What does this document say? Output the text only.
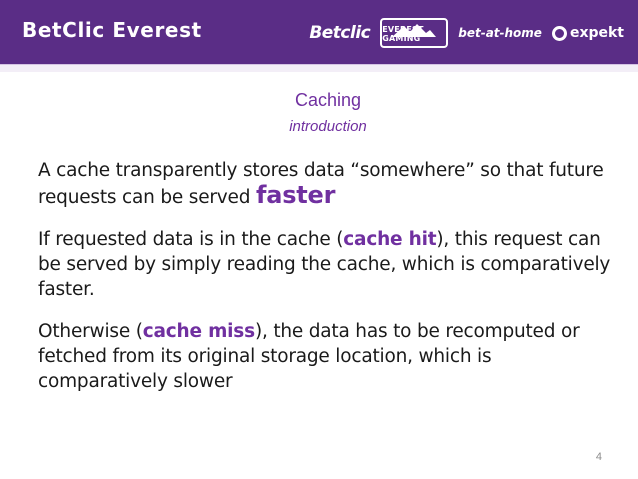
BetClic Everest	Betclic EVEREST GAMING	bet-at-home expekt
Caching
introduction

A cache transparently stores data “somewhere” so that future requests can be served faster

If requested data is in the cache (cache hit), this request can be served by simply reading the cache, which is comparatively faster.

Otherwise (cache miss), the data has to be recomputed or fetched from its original storage location, which is comparatively slower

4
